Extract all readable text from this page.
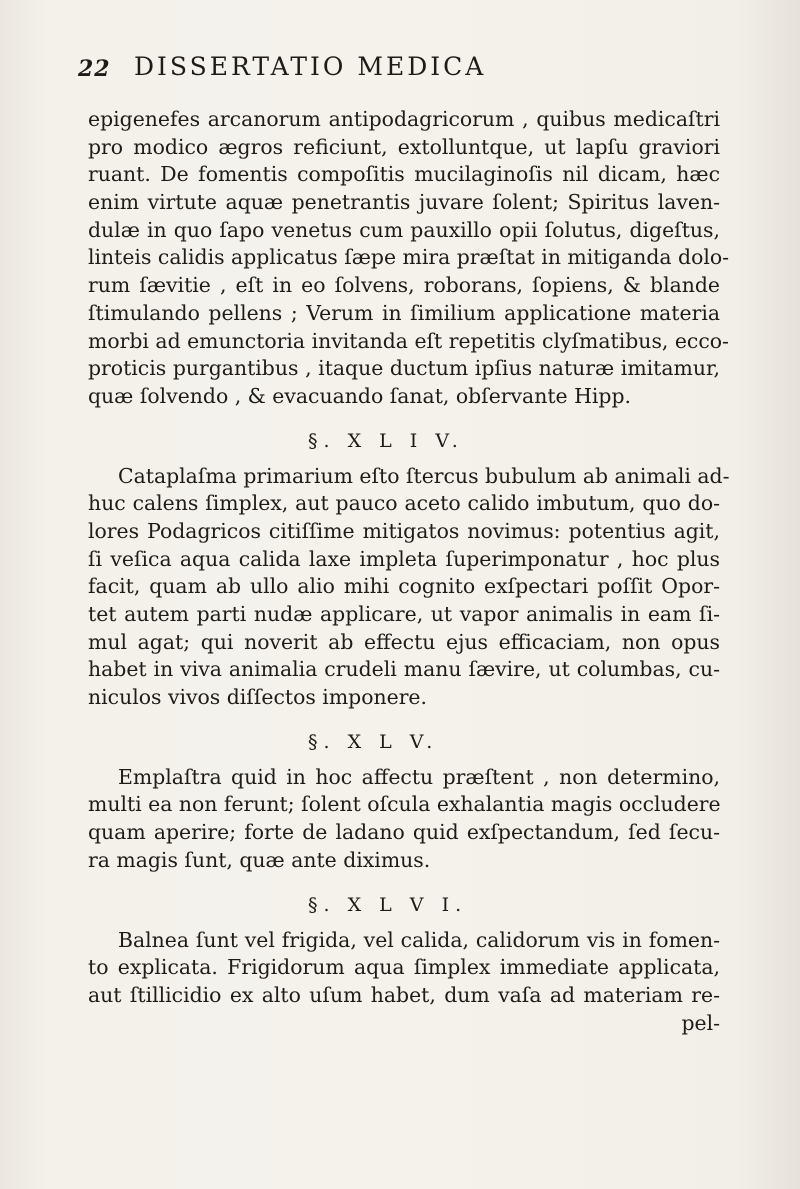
22 DISSERTATIO MEDICA
epigenefes arcanorum antipodagricorum , quibus medicaſtri
pro modico ægros reficiunt, extolluntque, ut lapſu graviori
ruant. De fomentis compoſitis mucilaginoſis nil dicam, hæc
enim virtute aquæ penetrantis juvare ſolent; Spiritus laven-
dulæ in quo ſapo venetus cum pauxillo opii ſolutus, digeſtus,
linteis calidis applicatus ſæpe mira præſtat in mitiganda dolo-
rum ſævitie , eſt in eo ſolvens, roborans, ſopiens, & blande
ſtimulando pellens ; Verum in ſimilium applicatione materia
morbi ad emunctoria invitanda eſt repetitis clyſmatibus, ecco-
proticis purgantibus , itaque ductum ipſius naturæ imitamur,
quæ ſolvendo , & evacuando ſanat, obſervante Hipp.
§. X L I V.
Cataplaſma primarium eſto ſtercus bubulum ab animali ad-
huc calens ſimplex, aut pauco aceto calido imbutum, quo do-
lores Podagricos citiſſime mitigatos novimus: potentius agit,
ſi veſica aqua calida laxe impleta ſuperimponatur , hoc plus
facit, quam ab ullo alio mihi cognito exſpectari poſſit Opor-
tet autem parti nudæ applicare, ut vapor animalis in eam ſi-
mul agat; qui noverit ab effectu ejus efficaciam, non opus
habet in viva animalia crudeli manu ſævire, ut columbas, cu-
niculos vivos diſſectos imponere.
§. X L V.
Emplaſtra quid in hoc affectu præſtent , non determino,
multi ea non ferunt; ſolent oſcula exhalantia magis occludere
quam aperire; forte de ladano quid exſpectandum, ſed ſecu-
ra magis ſunt, quæ ante diximus.
§. X L V I.
Balnea ſunt vel frigida, vel calida, calidorum vis in fomen-
to explicata. Frigidorum aqua ſimplex immediate applicata,
aut ſtillicidio ex alto uſum habet, dum vaſa ad materiam re-
pel-
